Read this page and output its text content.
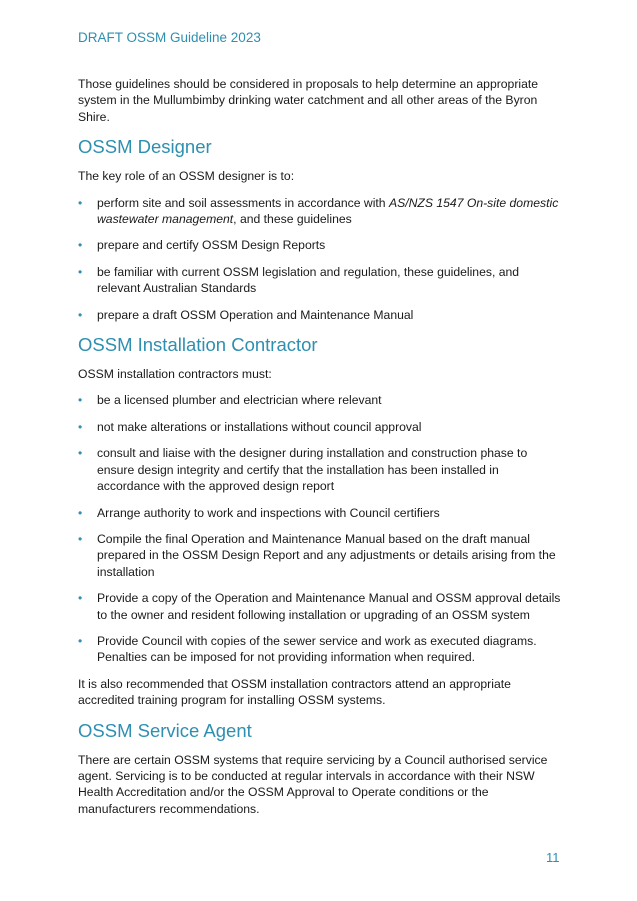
DRAFT OSSM Guideline 2023

Those guidelines should be considered in proposals to help determine an appropriate system in the Mullumbimby drinking water catchment and all other areas of the Byron Shire.

OSSM Designer

The key role of an OSSM designer is to:

• perform site and soil assessments in accordance with AS/NZS 1547 On-site domestic wastewater management, and these guidelines
• prepare and certify OSSM Design Reports
• be familiar with current OSSM legislation and regulation, these guidelines, and relevant Australian Standards
• prepare a draft OSSM Operation and Maintenance Manual
OSSM Installation Contractor

OSSM installation contractors must:

• be a licensed plumber and electrician where relevant
• not make alterations or installations without council approval
• consult and liaise with the designer during installation and construction phase to ensure design integrity and certify that the installation has been installed in accordance with the approved design report
• Arrange authority to work and inspections with Council certifiers
• Compile the final Operation and Maintenance Manual based on the draft manual prepared in the OSSM Design Report and any adjustments or details arising from the installation
• Provide a copy of the Operation and Maintenance Manual and OSSM approval details to the owner and resident following installation or upgrading of an OSSM system
• Provide Council with copies of the sewer service and work as executed diagrams. Penalties can be imposed for not providing information when required.

It is also recommended that OSSM installation contractors attend an appropriate accredited training program for installing OSSM systems.

OSSM Service Agent

There are certain OSSM systems that require servicing by a Council authorised service agent. Servicing is to be conducted at regular intervals in accordance with their NSW Health Accreditation and/or the OSSM Approval to Operate conditions or the manufacturers recommendations.

11
